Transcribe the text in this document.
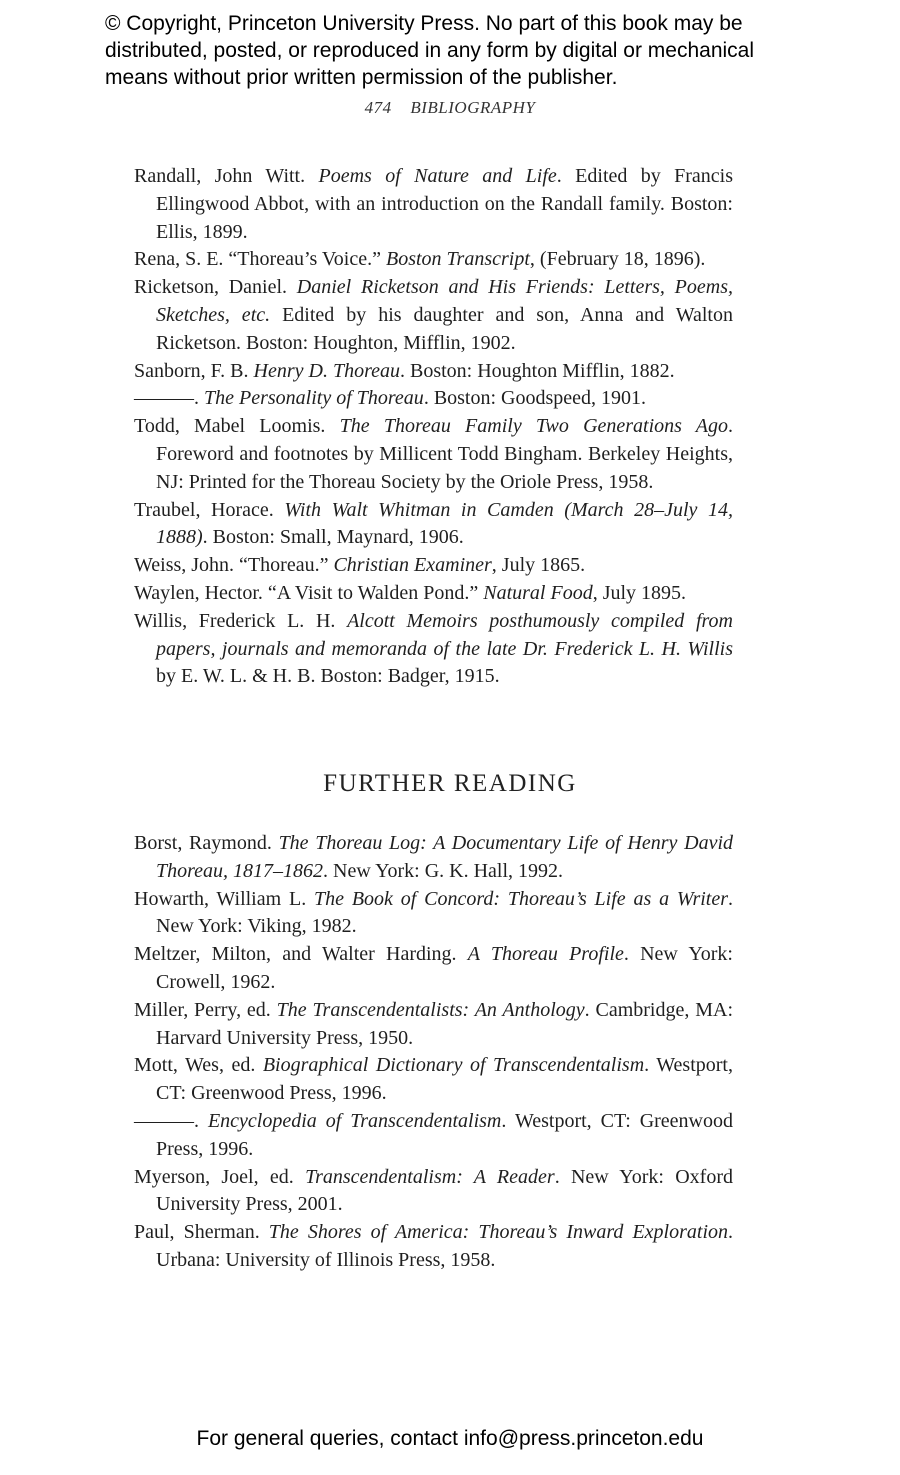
© Copyright, Princeton University Press. No part of this book may be

distributed, posted, or reproduced in any form by digital or mechanical

means without prior written permission of the publisher.

474 BIBLIOGRAPHY
Randall, John Witt. Poems of Nature and Life. Edited by Francis Ellingwood Abbot, with an introduction on the Randall family. Boston: Ellis, 1899.
Rena, S. E. “Thoreau’s Voice.” Boston Transcript, (February 18, 1896).
Ricketson, Daniel. Daniel Ricketson and His Friends: Letters, Poems, Sketches, etc. Edited by his daughter and son, Anna and Walton Ricketson. Boston: Houghton, Mifflin, 1902.
Sanborn, F. B. Henry D. Thoreau. Boston: Houghton Mifflin, 1882.
———. The Personality of Thoreau. Boston: Goodspeed, 1901.
Todd, Mabel Loomis. The Thoreau Family Two Generations Ago. Foreword and footnotes by Millicent Todd Bingham. Berkeley Heights, NJ: Printed for the Thoreau Society by the Oriole Press, 1958.
Traubel, Horace. With Walt Whitman in Camden (March 28–July 14, 1888). Boston: Small, Maynard, 1906.
Weiss, John. “Thoreau.” Christian Examiner, July 1865.
Waylen, Hector. “A Visit to Walden Pond.” Natural Food, July 1895.
Willis, Frederick L. H. Alcott Memoirs posthumously compiled from papers, journals and memoranda of the late Dr. Frederick L. H. Willis by E. W. L. & H. B. Boston: Badger, 1915.
FURTHER READING
Borst, Raymond. The Thoreau Log: A Documentary Life of Henry David Thoreau, 1817–1862. New York: G. K. Hall, 1992.
Howarth, William L. The Book of Concord: Thoreau’s Life as a Writer. New York: Viking, 1982.
Meltzer, Milton, and Walter Harding. A Thoreau Profile. New York: Crowell, 1962.
Miller, Perry, ed. The Transcendentalists: An Anthology. Cambridge, MA: Harvard University Press, 1950.
Mott, Wes, ed. Biographical Dictionary of Transcendentalism. Westport, CT: Greenwood Press, 1996.
———. Encyclopedia of Transcendentalism. Westport, CT: Greenwood Press, 1996.
Myerson, Joel, ed. Transcendentalism: A Reader. New York: Oxford University Press, 2001.
Paul, Sherman. The Shores of America: Thoreau’s Inward Exploration. Urbana: University of Illinois Press, 1958.
For general queries, contact info@press.princeton.edu
